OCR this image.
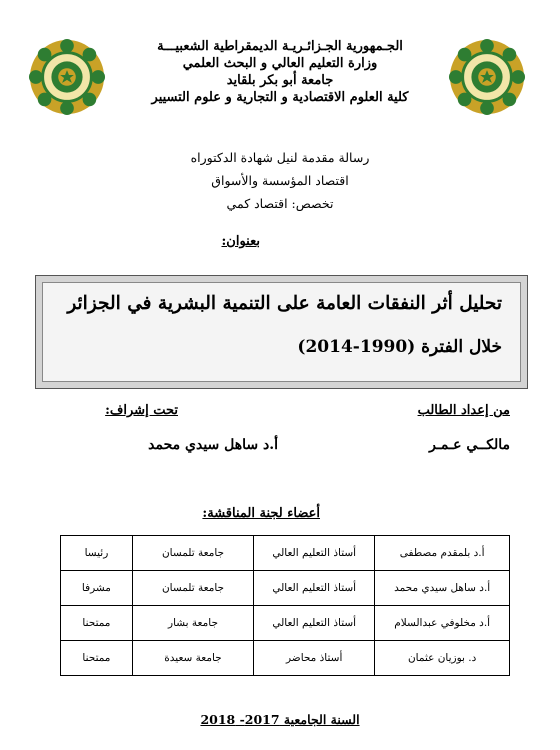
الجـمهورية الجـزائـريـة الديمقراطية الشعبيـــة
وزارة التعليم العالي و البحث العلمي
جامعة أبو بكر بلقايد
كلية العلوم الاقتصادية و التجارية و علوم التسيير
رسالة مقدمة لنيل شهادة الدكتوراه
اقتصاد المؤسسة والأسواق
تخصص: اقتصاد كمي
بعنوان:
تحليل أثر النفقات العامة على التنمية البشرية في الجزائر
خلال الفترة (1990-2014)
من إعداد الطالب
تحت إشراف:
مالكــي عـمـر
أ.د ساهل سيدي محمد
أعضاء لجنة المناقشة:
أ.د بلمقدم مصطفى	أستاذ التعليم العالي	جامعة تلمسان	رئيسا
أ.د ساهل سيدي محمد	أستاذ التعليم العالي	جامعة تلمسان	مشرفا
أ.د مخلوفي عبدالسلام	أستاذ التعليم العالي	جامعة بشار	ممتحنا
د. بوزيان عثمان	أستاذ محاضر	جامعة سعيدة	ممتحنا
السنة الجامعية 2017- 2018
